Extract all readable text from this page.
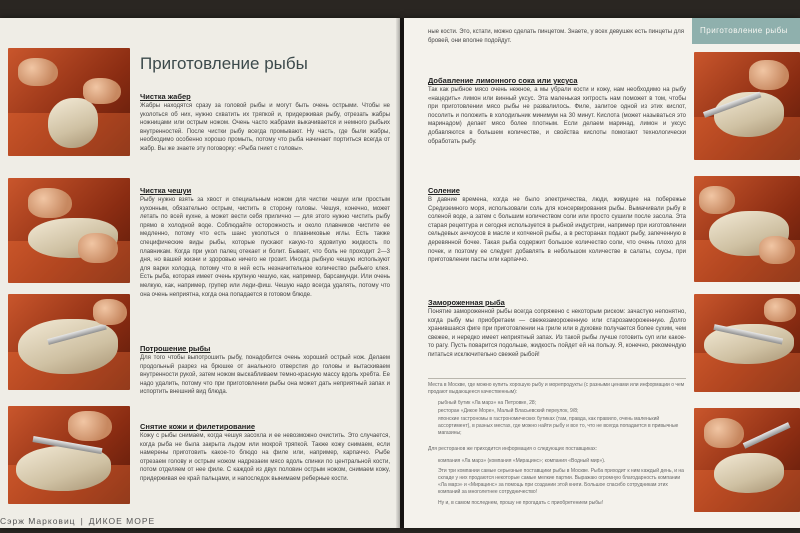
Приготовление рыбы
Чистка жабер

Жабры находятся сразу за головой рыбы и могут быть очень острыми. Чтобы не уколоться об них, нужно схватить их тряпкой и, придерживая рыбу, отрезать жабры ножницами или острым ножом. Очень часто жабрами выкачивается и немного рыбьих внутренностей. После чистки рыбу всегда промывают. Ну часть, где были жабры, необходимо особенно хорошо промыть, потому что рыба начинает портиться всегда от жабр. Вы же знаете эту поговорку: «Рыба гниет с головы».

Чистка чешуи

Рыбу нужно взять за хвост и специальным ножом для чистки чешуи или простым кухонным, обязательно острым, чистить в сторону головы. Чешуя, конечно, может летать по всей кухне, а может вести себя прилично — для этого нужно чистить рыбу прямо в холодной воде. Соблюдайте осторожность и около плавников чистите ее медленно, потому что есть шанс уколоться о плавниковые иглы. Есть также специфические виды рыбы, которые пускают какую-то ядовитую жидкость по плавникам. Когда при укол палец отекает и болит. Бывает, что боль не проходит 2—3 дня, но вашей жизни и здоровью ничего не грозит. Иногда рыбную чешую используют для варки холодца, потому что в ней есть незначительное количество рыбьего клея. Есть рыба, которая имеет очень крупную чешую, как, например, барсамунди. Или очень мелкую, как, например, групер или леди-фиш. Чешую надо всегда удалять, потому что она очень неприятна, когда она попадается в готовом блюде.

Потрошение рыбы

Для того чтобы выпотрошить рыбу, понадобится очень хороший острый нож. Делаем продольный разрез на брюшке от анального отверстия до головы и вытаскиваем внутренности рукой, затем ножом выскабливаем темно-красную массу вдоль хребта. Ее надо удалить, потому что при приготовлении рыбы она может дать неприятный запах и испортить внешний вид блюда.

Снятие кожи и филетирование

Кожу с рыбы снимаем, когда чешуя засохла и ее невозможно очистить. Это случается, когда рыба не была закрыта льдом или мокрой тряпкой. Также кожу снимаем, если намерены приготовить какое-то блюдо на филе или, например, карпаччо. Рыбе отрезаем голову и острым ножом надрезаем мясо вдоль спинки по центральной кости, потом отделяем от нее филе. С каждой из двух половин острым ножом, снимаем кожу, придерживая ее край пальцами, и напоследок вынимаем реберные кости.

Сэрж Марковиц | ДИКОЕ МОРЕ
Приготовление рыбы

ные кости. Это, кстати, можно сделать пинцетом. Знаете, у всех девушек есть пинцеты для бровей, они вполне подойдут.

Добавление лимонного сока или уксуса

Так как рыбное мясо очень нежное, а мы убрали кости и кожу, нам необходимо на рыбу «нацедить» лимон или винный уксус. Эта маленькая хитрость нам поможет в том, чтобы при приготовлении мясо рыбы не развалилось. Филе, залитое одной из этих кислот, посолить и положить в холодильник минимум на 30 минут. Кислота (может называться это маринадом) делает мясо более плотным. Если делаем маринад, лимон и уксус добавляются в большем количестве, и свойства кислоты помогают технологически обработать рыбу.

Соление

В давние времена, когда не было электричества, люди, живущие на побережье Средиземного моря, использовали соль для консервирования рыбы. Вымачивали рыбу в соленой воде, а затем с большим количеством соли или просто сушили после засола. Эта старая рецептура и сегодня используется в рыбной индустрии, например при изготовлении сельдевых анчоусов в масле и копченой рыбы, а в ресторанах подают рыбу, запеченную в деревянной бочке. Такая рыба содержит большое количество соли, что очень плохо для почек, и поэтому ее следует добавлять в небольшом количестве в салаты, соусы, при приготовлении пасты или карпаччо.

Замороженная рыба

Понятие замороженной рыбы всегда сопряжено с некоторым риском: зачастую непонятно, когда рыбу мы приобретаем — свежезамороженную или старозамороженную. Долго хранившаяся фиге при приготовлении на гриле или в духовке получается более сухим, чем свежее, и нередко имеет неприятный запах. Из такой рыбы лучше готовить суп или какое-то рагу. Пусть поварится подольше, жидкость пойдет ей на пользу. Я, конечно, рекомендую питаться исключительно свежей рыбой!

Места в Москве, где можно купить хорошую рыбу и морепродукты (с разными ценами или информации о чем продают выдающееся качественным):

рыбный бутик «Ла марэ» на Петровке, 28;

ресторан «Дикое Море», Малый Власьевский переулок, 9/8;

японские гастрономы в гастрономических бутиках (там, правда, как правило, очень маленький ассортимент), в разных местах, где можно найти рыбу и все то, что не всегда попадается в привычные магазины;

Для ресторанов же приходится информация о следующих поставщиках:

компания «Ла марэ» (компания «Мирацинс»; компания «Водный мир»).

Эти три компании самые серьезные поставщики рыбы в Москве. Рыба приходит к ним каждый день, и на складе у них продаются некоторые самые мелкие партии. Выражаю огромную благодарность компании «Ла марэ» и «Мирацинс» за помощь при создании этой книги. Большое спасибо сотрудникам этих компаний за многолетнее сотрудничество!

Ну и, в самом последнем, прошу не прогадать с приобретением рыбы!
